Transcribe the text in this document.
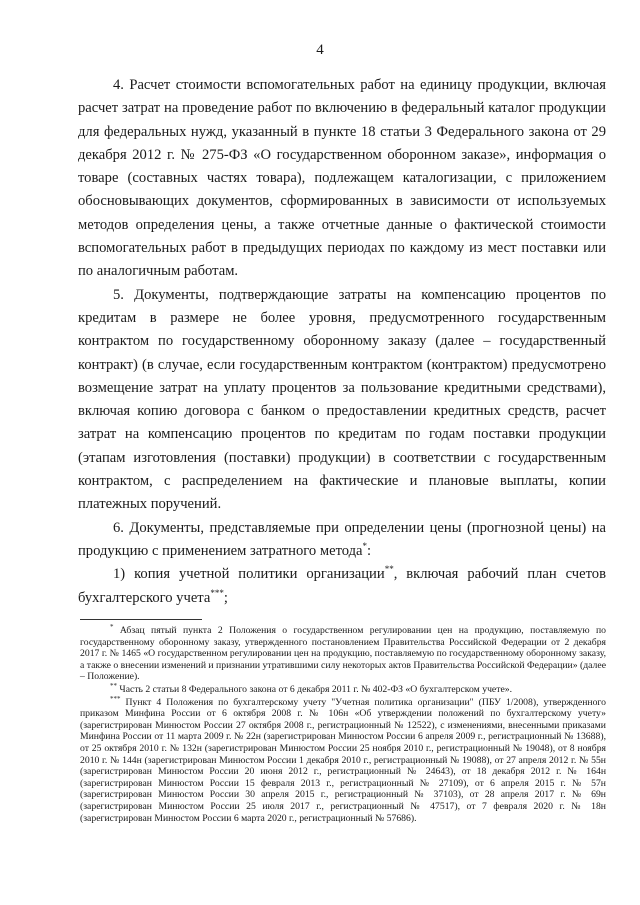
4

4. Расчет стоимости вспомогательных работ на единицу продукции, включая расчет затрат на проведение работ по включению в федеральный каталог продукции для федеральных нужд, указанный в пункте 18 статьи 3 Федерального закона от 29 декабря 2012 г. № 275-ФЗ «О государственном оборонном заказе», информация о товаре (составных частях товара), подлежащем каталогизации, с приложением обосновывающих документов, сформированных в зависимости от используемых методов определения цены, а также отчетные данные о фактической стоимости вспомогательных работ в предыдущих периодах по каждому из мест поставки или по аналогичным работам.

5. Документы, подтверждающие затраты на компенсацию процентов по кредитам в размере не более уровня, предусмотренного государственным контрактом по государственному оборонному заказу (далее – государственный контракт) (в случае, если государственным контрактом (контрактом) предусмотрено возмещение затрат на уплату процентов за пользование кредитными средствами), включая копию договора с банком о предоставлении кредитных средств, расчет затрат на компенсацию процентов по кредитам по годам поставки продукции (этапам изготовления (поставки) продукции) в соответствии с государственным контрактом, с распределением на фактические и плановые выплаты, копии платежных поручений.

6. Документы, представляемые при определении цены (прогнозной цены) на продукцию с применением затратного метода*:

1) копия учетной политики организации**, включая рабочий план счетов бухгалтерского учета***;

* Абзац пятый пункта 2 Положения о государственном регулировании цен на продукцию, поставляемую по государственному оборонному заказу, утвержденного постановлением Правительства Российской Федерации от 2 декабря 2017 г. № 1465 «О государственном регулировании цен на продукцию, поставляемую по государственному оборонному заказу, а также о внесении изменений и признании утратившими силу некоторых актов Правительства Российской Федерации» (далее – Положение).

** Часть 2 статьи 8 Федерального закона от 6 декабря 2011 г. № 402-ФЗ «О бухгалтерском учете».

*** Пункт 4 Положения по бухгалтерскому учету "Учетная политика организации" (ПБУ 1/2008), утвержденного приказом Минфина России от 6 октября 2008 г. № 106н «Об утверждении положений по бухгалтерскому учету» (зарегистрирован Минюстом России 27 октября 2008 г., регистрационный № 12522), с изменениями, внесенными приказами Минфина России от 11 марта 2009 г. № 22н (зарегистрирован Минюстом России 6 апреля 2009 г., регистрационный № 13688), от 25 октября 2010 г. № 132н (зарегистрирован Минюстом России 25 ноября 2010 г., регистрационный № 19048), от 8 ноября 2010 г. № 144н (зарегистрирован Минюстом России 1 декабря 2010 г., регистрационный № 19088), от 27 апреля 2012 г. № 55н (зарегистрирован Минюстом России 20 июня 2012 г., регистрационный № 24643), от 18 декабря 2012 г. № 164н (зарегистрирован Минюстом России 15 февраля 2013 г., регистрационный № 27109), от 6 апреля 2015 г. № 57н (зарегистрирован Минюстом России 30 апреля 2015 г., регистрационный № 37103), от 28 апреля 2017 г. № 69н (зарегистрирован Минюстом России 25 июля 2017 г., регистрационный № 47517), от 7 февраля 2020 г. № 18н (зарегистрирован Минюстом России 6 марта 2020 г., регистрационный № 57686).
